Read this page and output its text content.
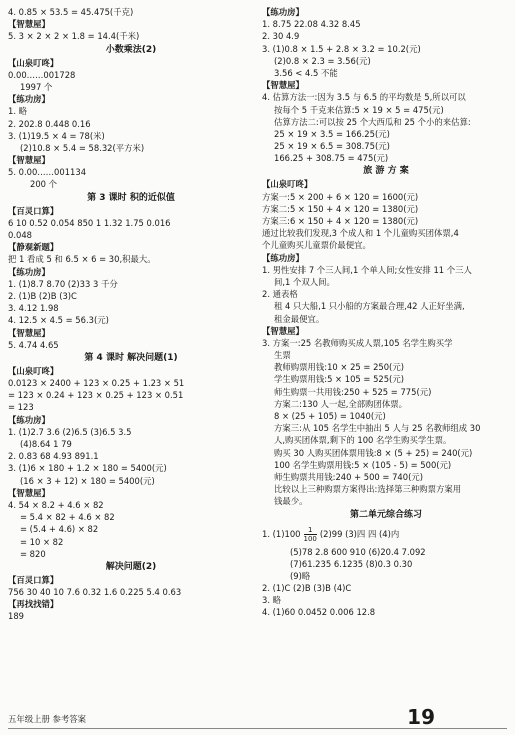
4. 0.85 × 53.5 = 45.475(千克)
【智慧屋】
5. 3 × 2 × 2 × 1.8 = 14.4(千米)
小数乘法(2)
【山泉叮咚】
0.00……001728
1997 个
【练功房】
1. 略
2. 202.8 0.448 0.16
3. (1)19.5 × 4 = 78(米)
(2)10.8 × 5.4 = 58.32(平方米)
【智慧屋】
5. 0.00……001134
200 个
第 3 课时 积的近似值
【百灵口算】
6 10 0.52 0.054 850 1 1.32 1.75 0.016
0.048
【静观新题】
把 1 看成 5 和 6.5 × 6 = 30,积最大。
【练功房】
1. (1)8.7 8.70 (2)33 3 千分
2. (1)B (2)B (3)C
3. 4.12 1.98
4. 12.5 × 4.5 = 56.3(元)
【智慧屋】
5. 4.74 4.65
第 4 课时 解决问题(1)
【山泉叮咚】
0.0123 × 2400 + 123 × 0.25 + 1.23 × 51
= 123 × 0.24 + 123 × 0.25 + 123 × 0.51
= 123
【练功房】
1. (1)2.7 3.6 (2)6.5 (3)6.5 3.5
(4)8.64 1 79
2. 0.83 68 4.93 891.1
3. (1)6 × 180 + 1.2 × 180 = 5400(元)
(16 × 3 + 12) × 180 = 5400(元)
【智慧屋】
4. 54 × 8.2 + 4.6 × 82
= 5.4 × 82 + 4.6 × 82
= (5.4 + 4.6) × 82
= 10 × 82
= 820
解决问题(2)
【百灵口算】
756 30 40 10 7.6 0.32 1.6 0.225 5.4 0.63
【再找找错】
189
【练功房】
1. 8.75 22.08 4.32 8.45
2. 30 4.9
3. (1)0.8 × 1.5 + 2.8 × 3.2 = 10.2(元)
(2)0.8 × 2.3 = 3.56(元)
3.56 < 4.5 不能
【智慧屋】
4. 估算方法一:因为 3.5 与 6.5 的平均数是 5,所以可以
按每个 5 千克来估算:5 × 19 × 5 = 475(元)
估算方法二:可以按 25 个大西瓜和 25 个小的来估算:
25 × 19 × 3.5 = 166.25(元)
25 × 19 × 6.5 = 308.75(元)
166.25 + 308.75 = 475(元)
旅 游 方 案
【山泉叮咚】
方案一:5 × 200 + 6 × 120 = 1600(元)
方案二:5 × 150 + 4 × 120 = 1380(元)
方案三:6 × 150 + 4 × 120 = 1380(元)
通过比较我们发现,3 个成人和 1 个儿童购买团体票,4
个儿童购买儿童票价最便宜。
【练功房】
1. 男性安排 7 个三人间,1 个单人间;女性安排 11 个三人
间,1 个双人间。
2. 通表格
租 4 只大船,1 只小船的方案最合理,42 人正好坐满,
租金最便宜。
【智慧屋】
3. 方案一:25 名教师购买成人票,105 名学生购买学
生票
教师购票用钱:10 × 25 = 250(元)
学生购票用钱:5 × 105 = 525(元)
师生购票一共用钱:250 + 525 = 775(元)
方案二:130 人一起,全部购团体票。
8 × (25 + 105) = 1040(元)
方案三:从 105 名学生中抽出 5 人与 25 名教师组成 30
人,购买团体票,剩下的 100 名学生购买学生票。
购买 30 人购买团体票用钱:8 × (5 + 25) = 240(元)
100 名学生购票用钱:5 × (105 - 5) = 500(元)
师生购票共用钱:240 + 500 = 740(元)
比较以上三种购票方案得出:选择第三种购票方案用
钱最少。
第二单元综合练习
1. $(1)100 \frac{1}{100} (2)99$ (3)四 四 (4)内
(5)78 2.8 600 910 (6)20.4 7.092
(7)61.235 6.1235 (8)0.3 0.30
(9)略
2. (1)C (2)B (3)B (4)C
3. 略
4. (1)60 0.0452 0.006 12.8
五年级上册 参考答案	19
